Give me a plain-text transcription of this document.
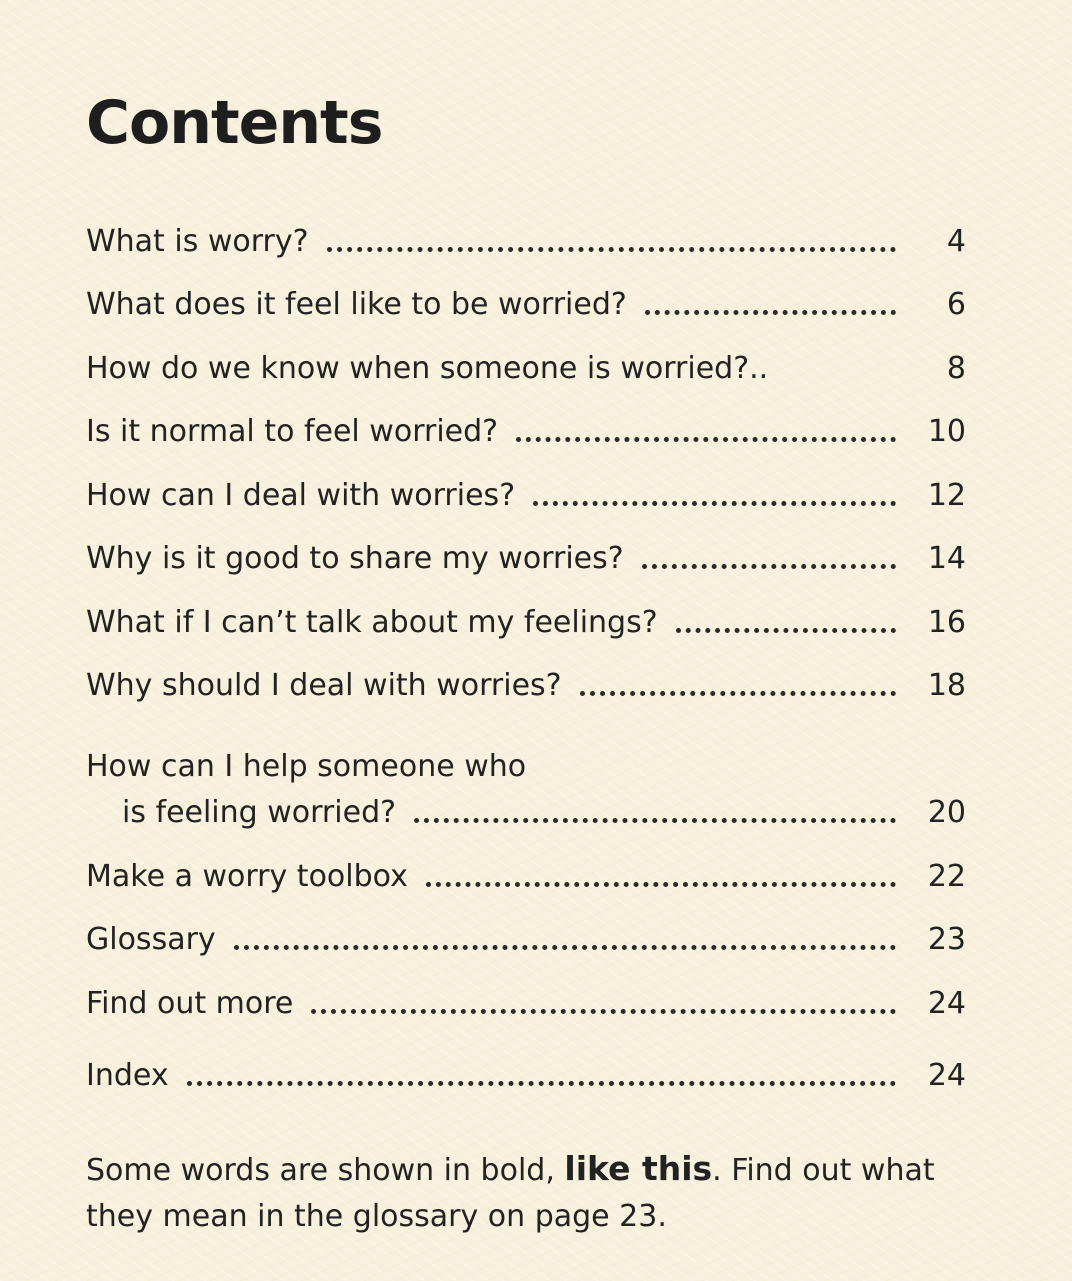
Contents
What is worry?	4
What does it feel like to be worried?	6
How do we know when someone is worried?..	8
Is it normal to feel worried?	10
How can I deal with worries?	12
Why is it good to share my worries?	14
What if I can’t talk about my feelings?	16
Why should I deal with worries?	18
How can I help someone who
is feeling worried?	20
Make a worry toolbox	22
Glossary	23
Find out more	24
Index	24

Some words are shown in bold, like this. Find out what they mean in the glossary on page 23.
